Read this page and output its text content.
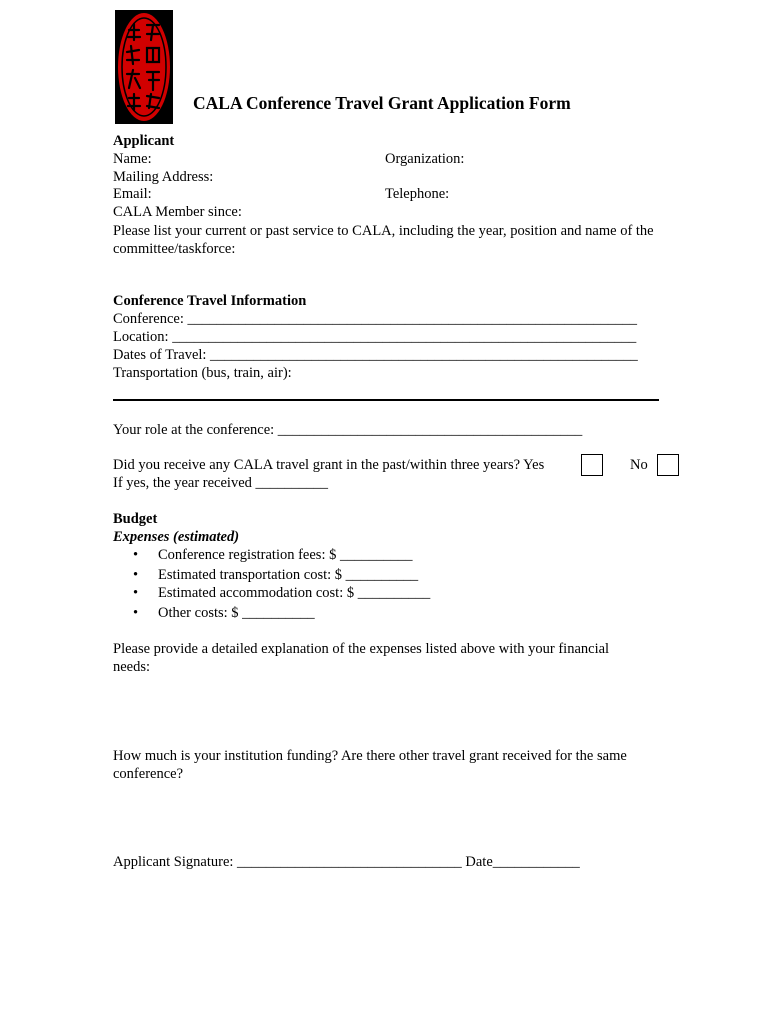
CALA Conference Travel Grant Application Form
Applicant
Name:	Organization:
Mailing Address:
Email:	Telephone:
CALA Member since:
Please list your current or past service to CALA, including the year, position and name of the committee/taskforce:
Conference Travel Information
Conference: ______________________________________________________________
Location: ________________________________________________________________
Dates of Travel: ___________________________________________________________
Transportation (bus, train, air):
Your role at the conference: __________________________________________
Did you receive any CALA travel grant in the past/within three years? Yes	No
If yes, the year received __________
Budget
Expenses (estimated)
• Conference registration fees: $ __________
• Estimated transportation cost: $ __________
• Estimated accommodation cost: $ __________
• Other costs: $ __________
Please provide a detailed explanation of the expenses listed above with your financial needs:
How much is your institution funding? Are there other travel grant received for the same conference?
Applicant Signature: _______________________________ Date____________
